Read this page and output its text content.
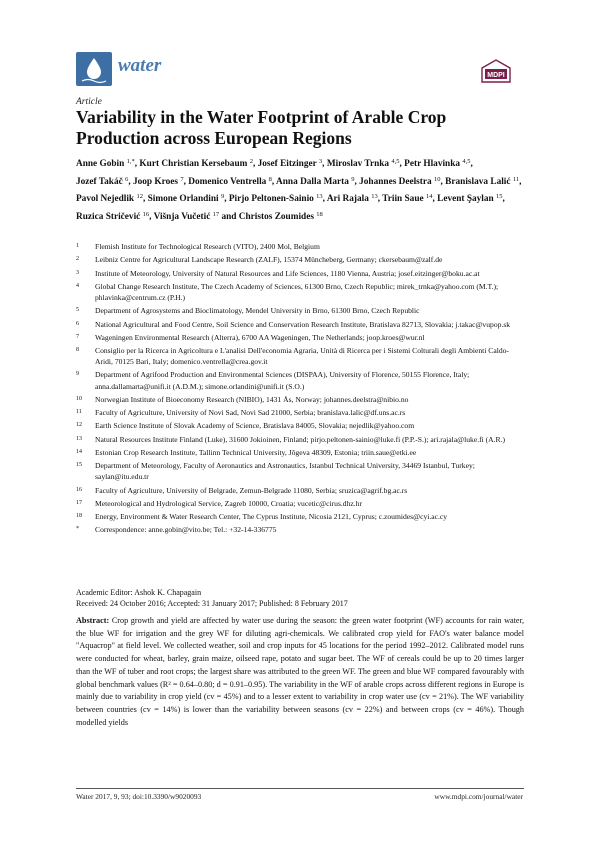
water	MDPI
Article
Variability in the Water Footprint of Arable Crop Production across European Regions
Anne Gobin $^{1,*}$, Kurt Christian Kersebaum $^2$, Josef Eitzinger $^3$, Miroslav Trnka $^{4,5}$, Petr Hlavinka $^{4,5}$, Jozef Takáč $^6$, Joop Kroes $^7$, Domenico Ventrella $^8$, Anna Dalla Marta $^9$, Johannes Deelstra $^{10}$, Branislava Lalić $^{11}$, Pavol Nejedlik $^{12}$, Simone Orlandini $^9$, Pirjo Peltonen-Sainio $^{13}$, Ari Rajala $^{13}$, Triin Saue $^{14}$, Levent Şaylan $^{15}$, Ruzica Stričević $^{16}$, Višnja Vučetić $^{17}$ and Christos Zoumides $^{18}$
1	Flemish Institute for Technological Research (VITO), 2400 Mol, Belgium
2	Leibniz Centre for Agricultural Landscape Research (ZALF), 15374 Müncheberg, Germany; ckersebaum@zalf.de
3	Institute of Meteorology, University of Natural Resources and Life Sciences, 1180 Vienna, Austria; josef.eitzinger@boku.ac.at
4	Global Change Research Institute, The Czech Academy of Sciences, 61300 Brno, Czech Republic; mirek_trnka@yahoo.com (M.T.); phlavinka@centrum.cz (P.H.)
5	Department of Agrosystems and Bioclimatology, Mendel University in Brno, 61300 Brno, Czech Republic
6	National Agricultural and Food Centre, Soil Science and Conservation Research Institute, Bratislava 82713, Slovakia; j.takac@vupop.sk
7	Wageningen Environmental Research (Alterra), 6700 AA Wageningen, The Netherlands; joop.kroes@wur.nl
8	Consiglio per la Ricerca in Agricoltura e L'analisi Dell'economia Agraria, Unità di Ricerca per i Sistemi Colturali degli Ambienti Caldo-Aridi, 70125 Bari, Italy; domenico.ventrella@crea.gov.it
9	Department of Agrifood Production and Environmental Sciences (DISPAA), University of Florence, 50155 Florence, Italy; anna.dallamarta@unifi.it (A.D.M.); simone.orlandini@unifi.it (S.O.)
10	Norwegian Institute of Bioeconomy Research (NIBIO), 1431 Ås, Norway; johannes.deelstra@nibio.no
11	Faculty of Agriculture, University of Novi Sad, Novi Sad 21000, Serbia; branislava.lalic@df.uns.ac.rs
12	Earth Science Institute of Slovak Academy of Science, Bratislava 84005, Slovakia; nejedlik@yahoo.com
13	Natural Resources Institute Finland (Luke), 31600 Jokioinen, Finland; pirjo.peltonen-sainio@luke.fi (P.P.-S.); ari.rajala@luke.fi (A.R.)
14	Estonian Crop Research Institute, Tallinn Technical University, Jõgeva 48309, Estonia; triin.saue@etki.ee
15	Department of Meteorology, Faculty of Aeronautics and Astronautics, Istanbul Technical University, 34469 Istanbul, Turkey; saylan@itu.edu.tr
16	Faculty of Agriculture, University of Belgrade, Zemun-Belgrade 11080, Serbia; sruzica@agrif.bg.ac.rs
17	Meteorological and Hydrological Service, Zagreb 10000, Croatia; vucetic@cirus.dhz.hr
18	Energy, Environment & Water Research Center, The Cyprus Institute, Nicosia 2121, Cyprus; c.zoumides@cyi.ac.cy
*	Correspondence: anne.gobin@vito.be; Tel.: +32-14-336775
Academic Editor: Ashok K. Chapagain
Received: 24 October 2016; Accepted: 31 January 2017; Published: 8 February 2017
Abstract: Crop growth and yield are affected by water use during the season: the green water footprint (WF) accounts for rain water, the blue WF for irrigation and the grey WF for diluting agri-chemicals. We calibrated crop yield for FAO's water balance model "Aquacrop" at field level. We collected weather, soil and crop inputs for 45 locations for the period 1992–2012. Calibrated model runs were conducted for wheat, barley, grain maize, oilseed rape, potato and sugar beet. The WF of cereals could be up to 20 times larger than the WF of tuber and root crops; the largest share was attributed to the green WF. The green and blue WF compared favourably with global benchmark values (R² = 0.64–0.80; d = 0.91–0.95). The variability in the WF of arable crops across different regions in Europe is mainly due to variability in crop yield (cv = 45%) and to a lesser extent to variability in crop water use (cv = 21%). The WF variability between countries (cv = 14%) is lower than the variability between seasons (cv = 22%) and between crops (cv = 46%). Though modelled yields
Water 2017, 9, 93; doi:10.3390/w9020093	www.mdpi.com/journal/water
